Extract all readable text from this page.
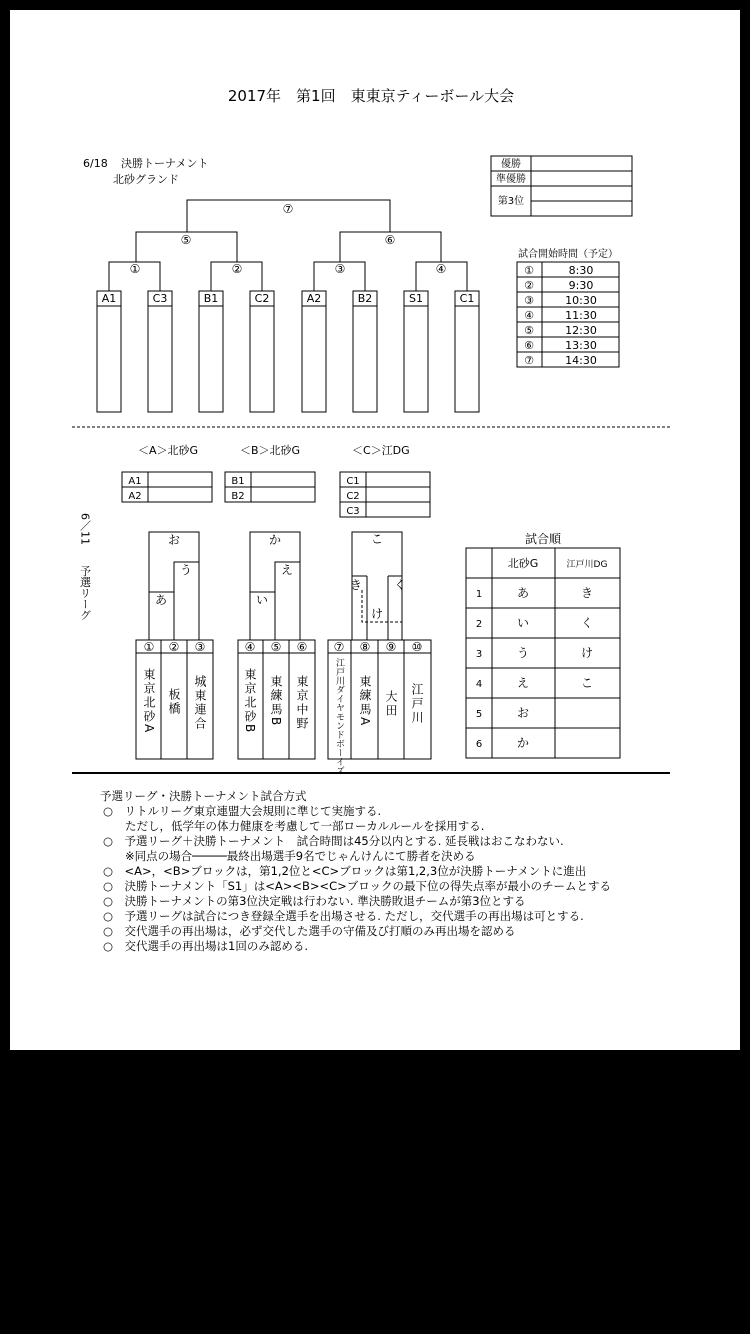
2017年　第1回　東東京ティーボール大会
6/18 決勝トーナメント
北砂グランド
優勝
準優勝
第3位
⑦
⑤	⑥
①	②	③	④
A1	C3	B1	C2	A2	B2	S1	C1
試合開始時間（予定）
①	8:30
②	9:30
③	10:30
④	11:30
⑤	12:30
⑥	13:30
⑦	14:30
＜A＞北砂G	＜B＞北砂G	＜C＞江DG
A1
A2
B1
B2
C1
C2
C3
6／11
予選リーグ
お
う
あ
か
え
い
こ
き	く
け
① ② ③	④ ⑤ ⑥ ⑦ ⑧ ⑨ ⑩
東京北砂A 板橋 城東連合	東京北砂B 東練馬B 東京中野	江戸川ダイヤモンドボーイズ 東練馬A 大田 江戸川
試合順
北砂G	江戸川DG
1	あ	き
2	い	く
3	う	け
4	え	こ
5	お
6	か
予選リーグ・決勝トーナメント試合方式
○　リトルリーグ東京連盟大会規則に準じて実施する.
ただし，低学年の体力健康を考慮して一部ローカルルールを採用する.
○　予選リーグ＋決勝トーナメント　試合時間は45分以内とする. 延長戦はおこなわない.
※同点の場合─────最終出場選手9名でじゃんけんにて勝者を決める
○　<A>，<B>ブロックは，第1,2位と<C>ブロックは第1,2,3位が決勝トーナメントに進出
○　決勝トーナメント「S1」は<A><B><C>ブロックの最下位の得失点率が最小のチームとする
○　決勝トーナメントの第3位決定戦は行わない. 準決勝敗退チームが第3位とする
○　予選リーグは試合につき登録全選手を出場させる. ただし，交代選手の再出場は可とする.
○　交代選手の再出場は，必ず交代した選手の守備及び打順のみ再出場を認める
○　交代選手の再出場は1回のみ認める.
